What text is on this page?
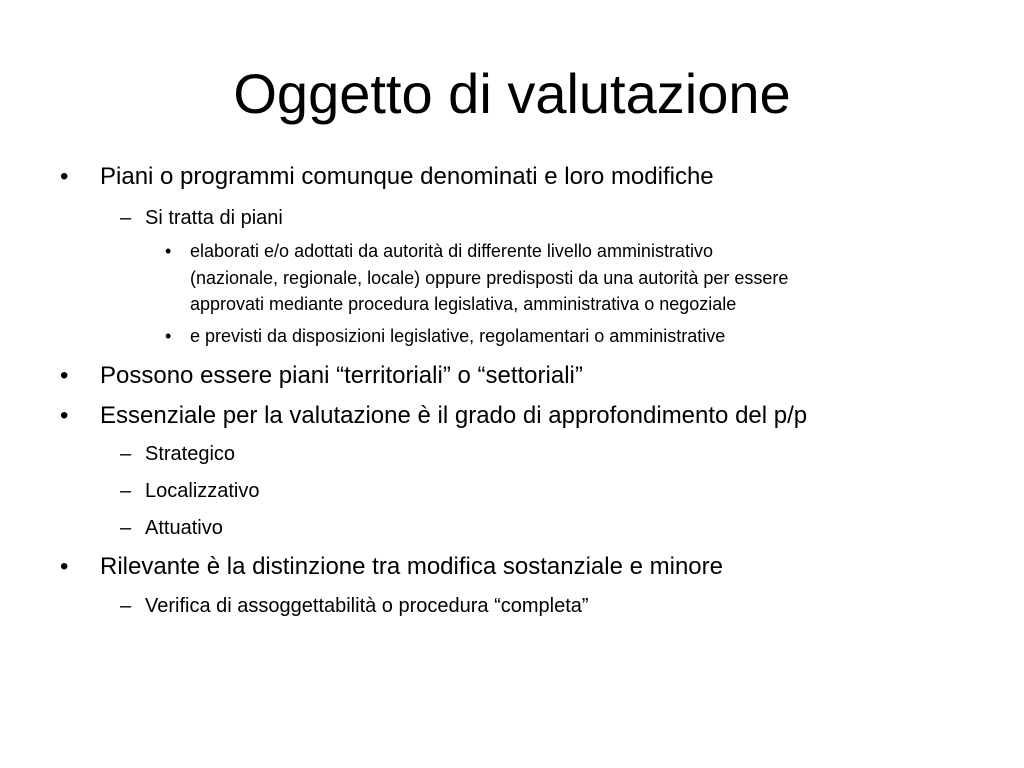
Oggetto di valutazione
• Piani o programmi comunque denominati e loro modifiche
– Si tratta di piani
• elaborati e/o adottati da autorità di differente livello amministrativo
(nazionale, regionale, locale) oppure predisposti da una autorità per essere
approvati mediante procedura legislativa, amministrativa o negoziale
• e previsti da disposizioni legislative, regolamentari o amministrative
• Possono essere piani “territoriali” o “settoriali”
• Essenziale per la valutazione è il grado di approfondimento del p/p
– Strategico
– Localizzativo
– Attuativo
• Rilevante è la distinzione tra modifica sostanziale e minore
– Verifica di assoggettabilità o procedura “completa”
